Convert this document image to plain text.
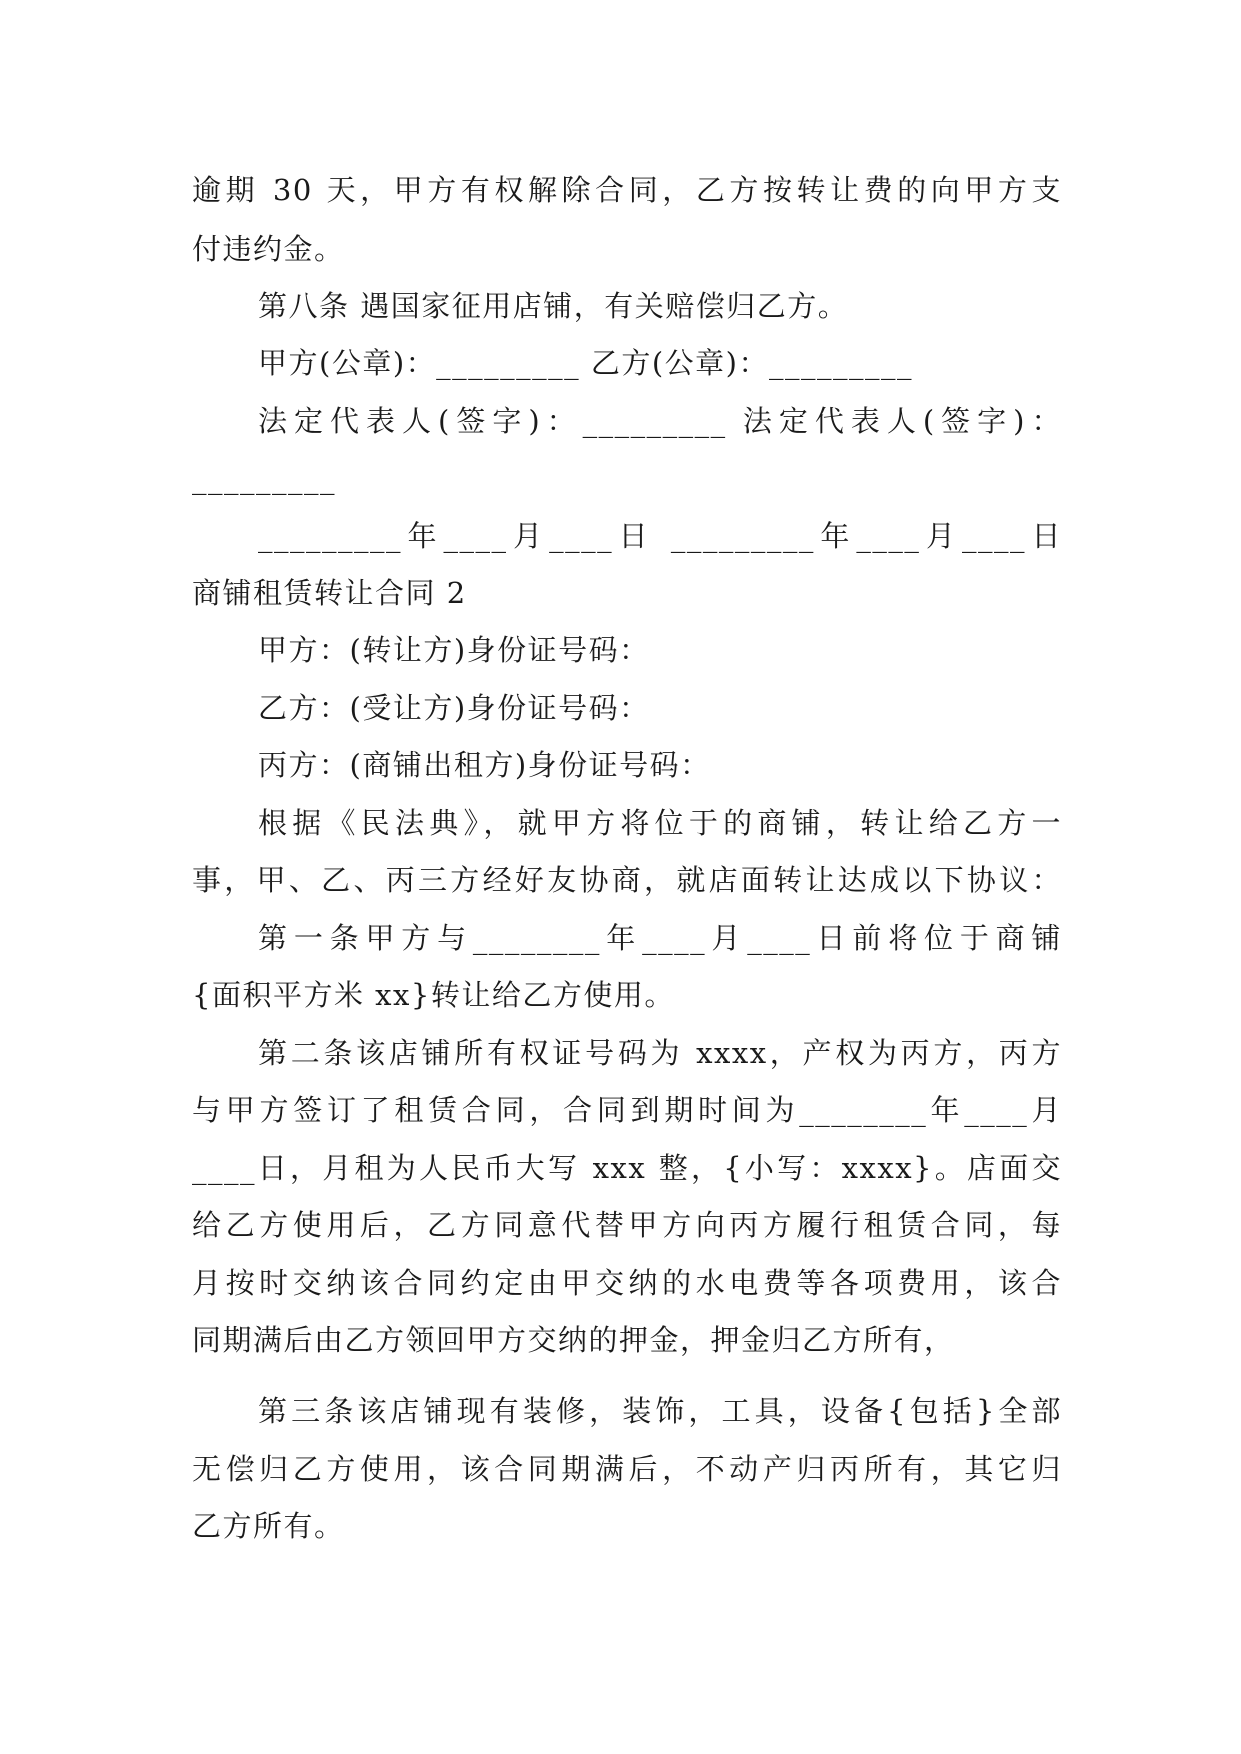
逾期 30 天，甲方有权解除合同，乙方按转让费的向甲方支
付违约金。
第八条 遇国家征用店铺，有关赔偿归乙方。
甲方(公章)：_________ 乙方(公章)：_________
法定代表人(签字)：_________ 法定代表人(签字)：
_________
_________年____月____日 _________年____月____日
商铺租赁转让合同 2
甲方：(转让方)身份证号码：
乙方：(受让方)身份证号码：
丙方：(商铺出租方)身份证号码：
根据《民法典》，就甲方将位于的商铺，转让给乙方一
事，甲、乙、丙三方经好友协商，就店面转让达成以下协议：
第一条甲方与________年____月____日前将位于商铺
{面积平方米 xx}转让给乙方使用。
第二条该店铺所有权证号码为 xxxx，产权为丙方，丙方
与甲方签订了租赁合同，合同到期时间为________年____月
____日，月租为人民币大写 xxx 整，{小写：xxxx}。店面交
给乙方使用后，乙方同意代替甲方向丙方履行租赁合同，每
月按时交纳该合同约定由甲交纳的水电费等各项费用，该合
同期满后由乙方领回甲方交纳的押金，押金归乙方所有，
第三条该店铺现有装修，装饰，工具，设备{包括}全部
无偿归乙方使用，该合同期满后，不动产归丙所有，其它归
乙方所有。
